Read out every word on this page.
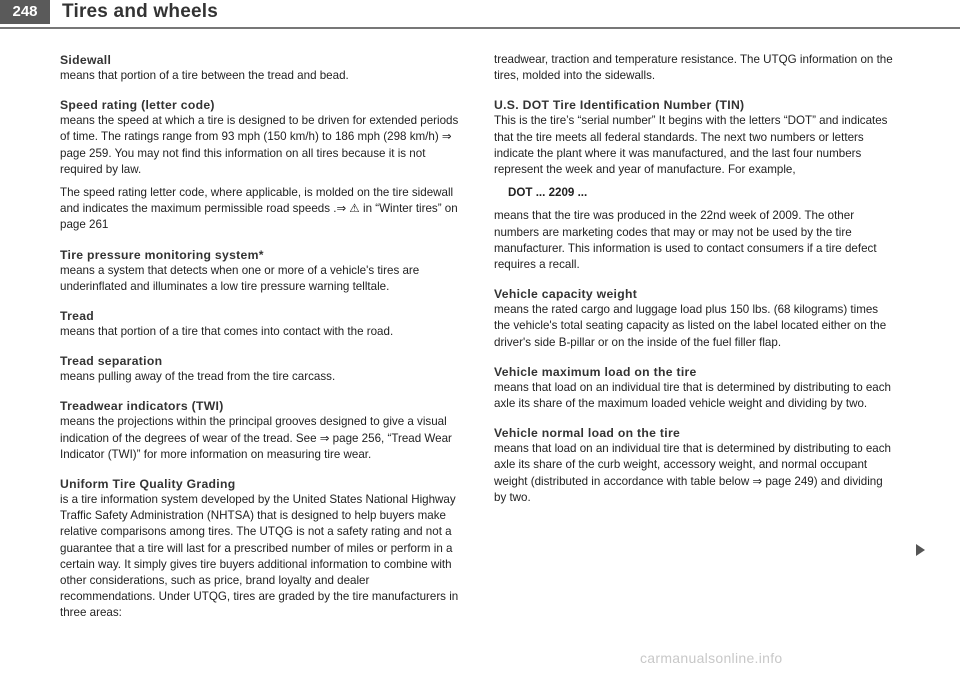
248	Tires and wheels
Sidewall

means that portion of a tire between the tread and bead.

Speed rating (letter code)

means the speed at which a tire is designed to be driven for extended periods of time. The ratings range from 93 mph (150 km/h) to 186 mph (298 km/h) ⇒ page 259. You may not find this information on all tires because it is not required by law.

The speed rating letter code, where applicable, is molded on the tire sidewall and indicates the maximum permissible road speeds .⇒ ⚠ in “Winter tires” on page 261

Tire pressure monitoring system*

means a system that detects when one or more of a vehicle's tires are underinflated and illuminates a low tire pressure warning telltale.

Tread

means that portion of a tire that comes into contact with the road.

Tread separation

means pulling away of the tread from the tire carcass.

Treadwear indicators (TWI)

means the projections within the principal grooves designed to give a visual indication of the degrees of wear of the tread. See ⇒ page 256, “Tread Wear Indicator (TWI)” for more information on measuring tire wear.

Uniform Tire Quality Grading

is a tire information system developed by the United States National Highway Traffic Safety Administration (NHTSA) that is designed to help buyers make relative comparisons among tires. The UTQG is not a safety rating and not a guarantee that a tire will last for a prescribed number of miles or perform in a certain way. It simply gives tire buyers additional information to combine with other considerations, such as price, brand loyalty and dealer recommendations. Under UTQG, tires are graded by the tire manufacturers in three areas:

treadwear, traction and temperature resistance. The UTQG information on the tires, molded into the sidewalls.

U.S. DOT Tire Identification Number (TIN)

This is the tire’s “serial number” It begins with the letters “DOT” and indicates that the tire meets all federal standards. The next two numbers or letters indicate the plant where it was manufactured, and the last four numbers represent the week and year of manufacture. For example,

DOT ... 2209 ...

means that the tire was produced in the 22nd week of 2009. The other numbers are marketing codes that may or may not be used by the tire manufacturer. This information is used to contact consumers if a tire defect requires a recall.

Vehicle capacity weight

means the rated cargo and luggage load plus 150 lbs. (68 kilograms) times the vehicle's total seating capacity as listed on the label located either on the driver's side B-pillar or on the inside of the fuel filler flap.

Vehicle maximum load on the tire

means that load on an individual tire that is determined by distributing to each axle its share of the maximum loaded vehicle weight and dividing by two.

Vehicle normal load on the tire

means that load on an individual tire that is determined by distributing to each axle its share of the curb weight, accessory weight, and normal occupant weight (distributed in accordance with table below ⇒ page 249) and dividing by two.

carmanualsonline.info
